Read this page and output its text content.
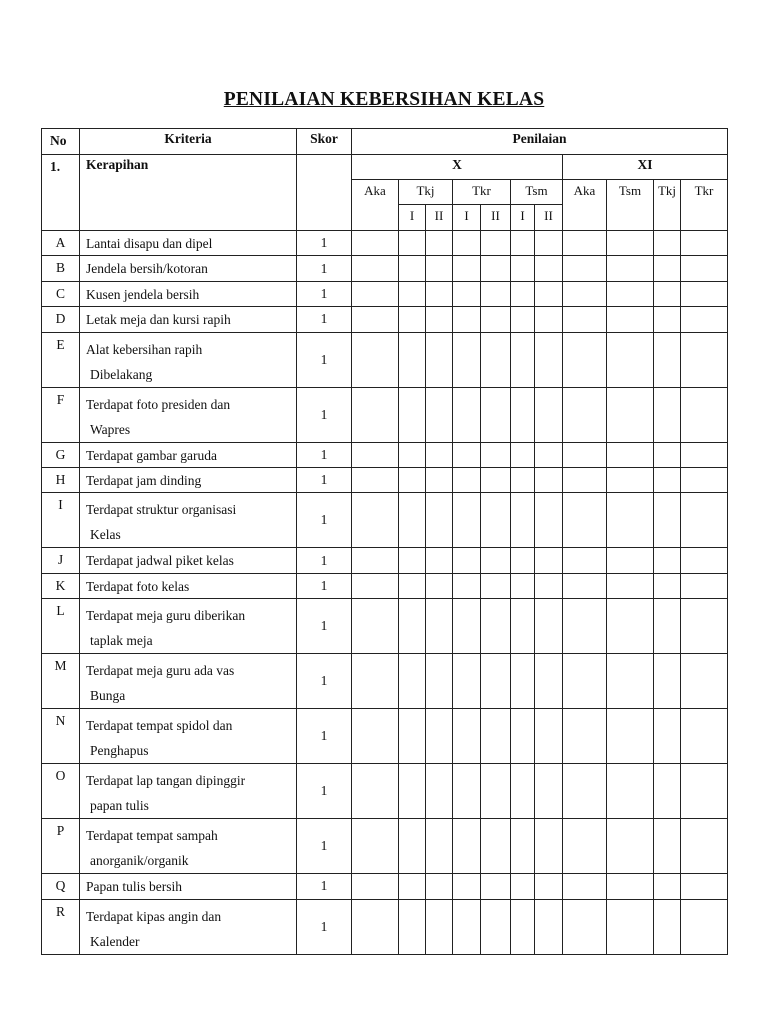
PENILAIAN KEBERSIHAN KELAS
No	Kriteria	Skor	Penilaian										
1.	Kerapihan		X							XI			
			Aka	Tkj		Tkr		Tsm		Aka	Tsm	Tkj	Tkr
				I	II	I	II	I	II				
A	Lantai disapu dan dipel	1											
B	Jendela bersih/kotoran	1											
C	Kusen jendela bersih	1											
D	Letak meja dan kursi rapih	1											
E	Alat kebersihan rapih
Dibelakang	1											
F	Terdapat foto presiden dan
Wapres	1											
G	Terdapat gambar garuda	1											
H	Terdapat jam dinding	1											
I	Terdapat struktur organisasi
Kelas	1											
J	Terdapat jadwal piket kelas	1											
K	Terdapat foto kelas	1											
L	Terdapat meja guru diberikan
taplak meja	1											
M	Terdapat meja guru ada vas
Bunga	1											
N	Terdapat tempat spidol dan
Penghapus	1											
O	Terdapat lap tangan dipinggir
papan tulis	1											
P	Terdapat tempat sampah
anorganik/organik	1											
Q	Papan tulis bersih	1											
R	Terdapat kipas angin dan
Kalender	1											
